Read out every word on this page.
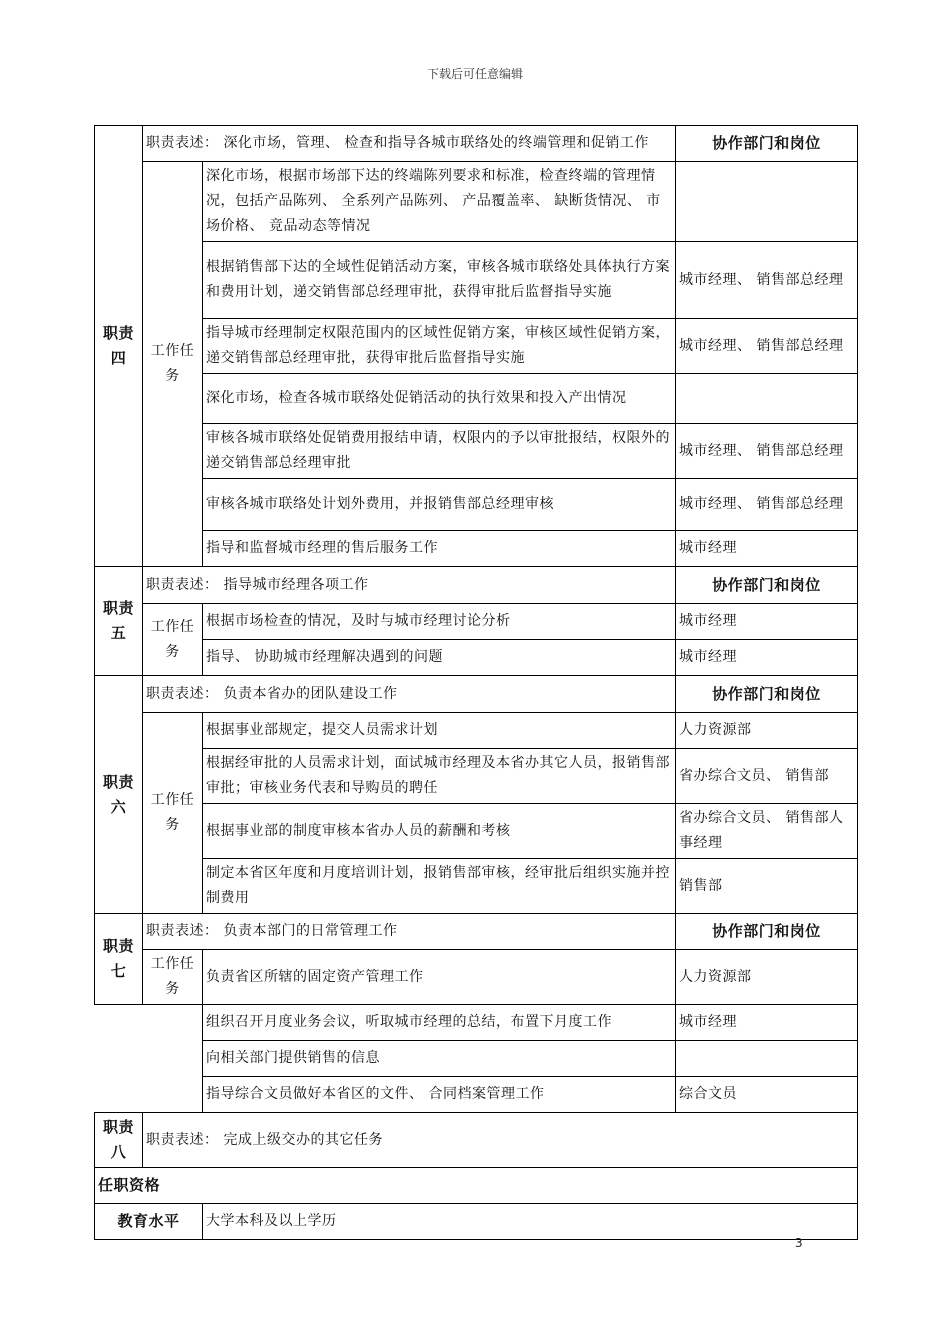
下载后可任意编辑
职责四	职责表述： 深化市场，管理、 检查和指导各城市联络处的终端管理和促销工作		协作部门和岗位
	工作任务	深化市场，根据市场部下达的终端陈列要求和标准，检查终端的管理情况，包括产品陈列、 全系列产品陈列、 产品覆盖率、 缺断货情况、 市场价格、 竞品动态等情况	
		根据销售部下达的全域性促销活动方案，审核各城市联络处具体执行方案和费用计划，递交销售部总经理审批，获得审批后监督指导实施	城市经理、 销售部总经理
		指导城市经理制定权限范围内的区域性促销方案，审核区域性促销方案，递交销售部总经理审批，获得审批后监督指导实施	城市经理、 销售部总经理
		深化市场，检查各城市联络处促销活动的执行效果和投入产出情况	
		审核各城市联络处促销费用报结申请，权限内的予以审批报结，权限外的递交销售部总经理审批	城市经理、 销售部总经理
		审核各城市联络处计划外费用，并报销售部总经理审核	城市经理、 销售部总经理
		指导和监督城市经理的售后服务工作	城市经理
职责五	职责表述： 指导城市经理各项工作		协作部门和岗位
	工作任务	根据市场检查的情况，及时与城市经理讨论分析	城市经理
		指导、 协助城市经理解决遇到的问题	城市经理
职责六	职责表述： 负责本省办的团队建设工作		协作部门和岗位
	工作任务	根据事业部规定，提交人员需求计划	人力资源部
		根据经审批的人员需求计划，面试城市经理及本省办其它人员，报销售部审批；审核业务代表和导购员的聘任	省办综合文员、 销售部
		根据事业部的制度审核本省办人员的薪酬和考核	省办综合文员、 销售部人事经理
		制定本省区年度和月度培训计划，报销售部审核，经审批后组织实施并控制费用	销售部
职责七	职责表述： 负责本部门的日常管理工作		协作部门和岗位
	工作任务	负责省区所辖的固定资产管理工作	人力资源部
		组织召开月度业务会议，听取城市经理的总结，布置下月度工作	城市经理
		向相关部门提供销售的信息	
		指导综合文员做好本省区的文件、 合同档案管理工作	综合文员
职责八	职责表述： 完成上级交办的其它任务		
任职资格			
教育水平		大学本科及以上学历	
3
